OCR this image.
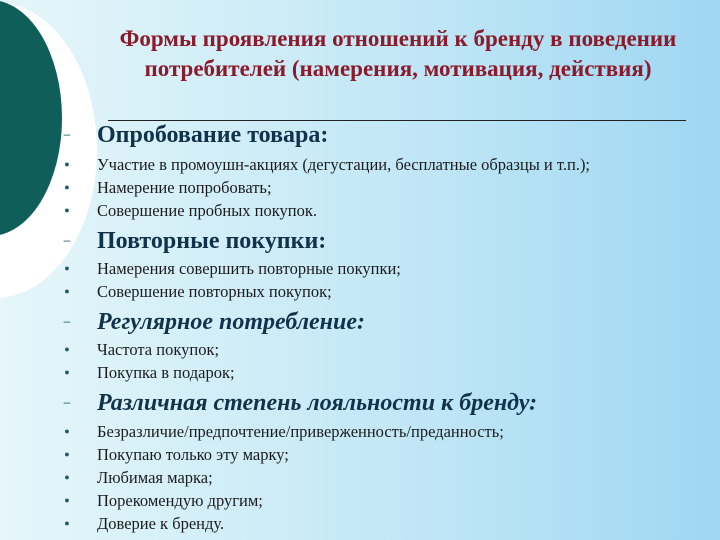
Формы проявления отношений к бренду в поведении потребителей (намерения, мотивация, действия)
– Опробование товара:
● Участие в промоушн-акциях (дегустации, бесплатные образцы и т.п.);
● Намерение попробовать;
● Совершение пробных покупок.
– Повторные покупки:
● Намерения совершить повторные покупки;
● Совершение повторных покупок;
– Регулярное потребление:
● Частота покупок;
● Покупка в подарок;
– Различная степень лояльности к бренду:
● Безразличие/предпочтение/приверженность/преданность;
● Покупаю только эту марку;
● Любимая марка;
● Порекомендую другим;
● Доверие к бренду.
